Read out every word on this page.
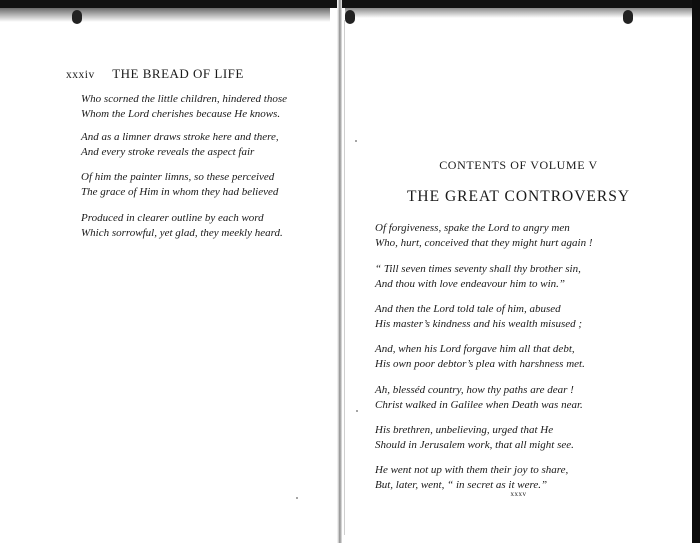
xxxiv THE BREAD OF LIFE

Who scorned the little children, hindered those

Whom the Lord cherishes because He knows.

And as a limner draws stroke here and there,

And every stroke reveals the aspect fair

Of him the painter limns, so these perceived

The grace of Him in whom they had believed

Produced in clearer outline by each word

Which sorrowful, yet glad, they meekly heard.

CONTENTS OF VOLUME V
THE GREAT CONTROVERSY

Of forgiveness, spake the Lord to angry men

Who, hurt, conceived that they might hurt again !

“ Till seven times seventy shall thy brother sin,

And thou with love endeavour him to win.”

And then the Lord told tale of him, abused

His master’s kindness and his wealth misused ;

And, when his Lord forgave him all that debt,

His own poor debtor’s plea with harshness met.

Ah, blesséd country, how thy paths are dear !

Christ walked in Galilee when Death was near.

His brethren, unbelieving, urged that He

Should in Jerusalem work, that all might see.

He went not up with them their joy to share,

But, later, went, “ in secret as it were.”

xxxv
